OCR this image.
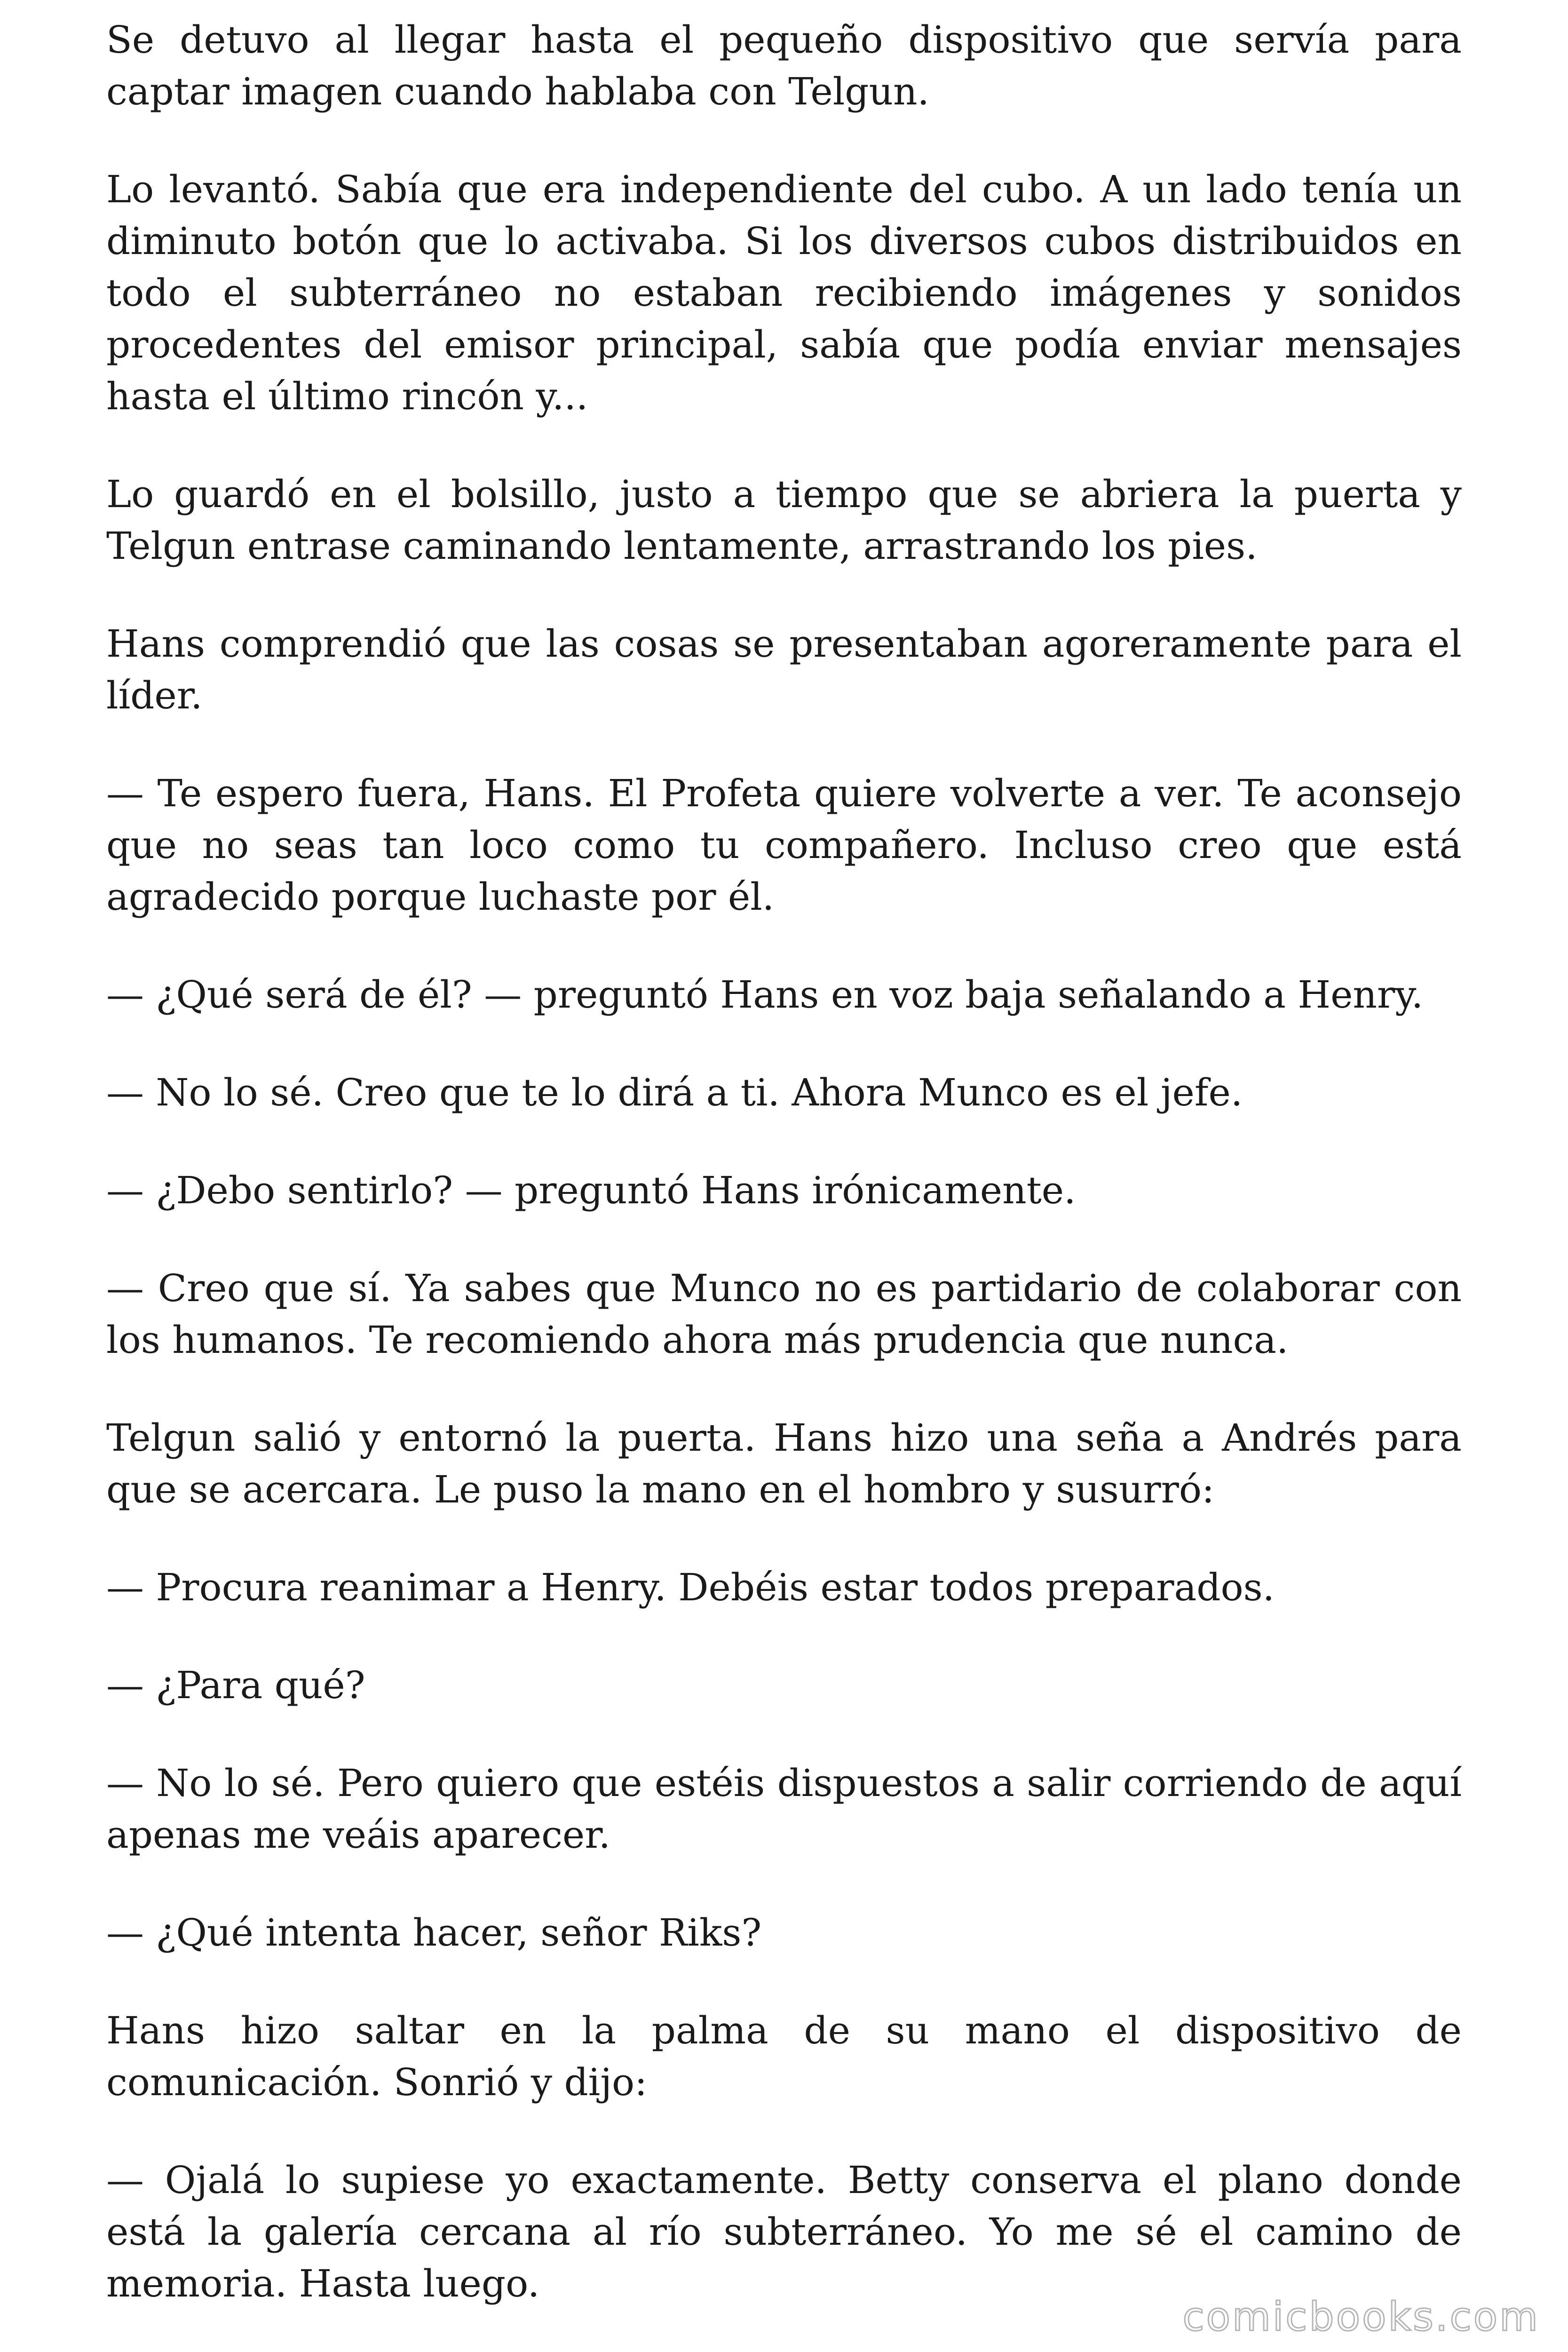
Se detuvo al llegar hasta el pequeño dispositivo que servía para captar imagen cuando hablaba con Telgun.

Lo levantó. Sabía que era independiente del cubo. A un lado tenía un diminuto botón que lo activaba. Si los diversos cubos distribuidos en todo el subterráneo no estaban recibiendo imágenes y sonidos procedentes del emisor principal, sabía que podía enviar mensajes hasta el último rincón y...

Lo guardó en el bolsillo, justo a tiempo que se abriera la puerta y Telgun entrase caminando lentamente, arrastrando los pies.

Hans comprendió que las cosas se presentaban agoreramente para el líder.

— Te espero fuera, Hans. El Profeta quiere volverte a ver. Te aconsejo que no seas tan loco como tu compañero. Incluso creo que está agradecido porque luchaste por él.

— ¿Qué será de él? — preguntó Hans en voz baja señalando a Henry.

— No lo sé. Creo que te lo dirá a ti. Ahora Munco es el jefe.

— ¿Debo sentirlo? — preguntó Hans irónicamente.

— Creo que sí. Ya sabes que Munco no es partidario de colaborar con los humanos. Te recomiendo ahora más prudencia que nunca.

Telgun salió y entornó la puerta. Hans hizo una seña a Andrés para que se acercara. Le puso la mano en el hombro y susurró:

— Procura reanimar a Henry. Debéis estar todos preparados.

— ¿Para qué?

— No lo sé. Pero quiero que estéis dispuestos a salir corriendo de aquí apenas me veáis aparecer.

— ¿Qué intenta hacer, señor Riks?

Hans hizo saltar en la palma de su mano el dispositivo de comunicación. Sonrió y dijo:

— Ojalá lo supiese yo exactamente. Betty conserva el plano donde está la galería cercana al río subterráneo. Yo me sé el camino de memoria. Hasta luego.

comicbooks.com
